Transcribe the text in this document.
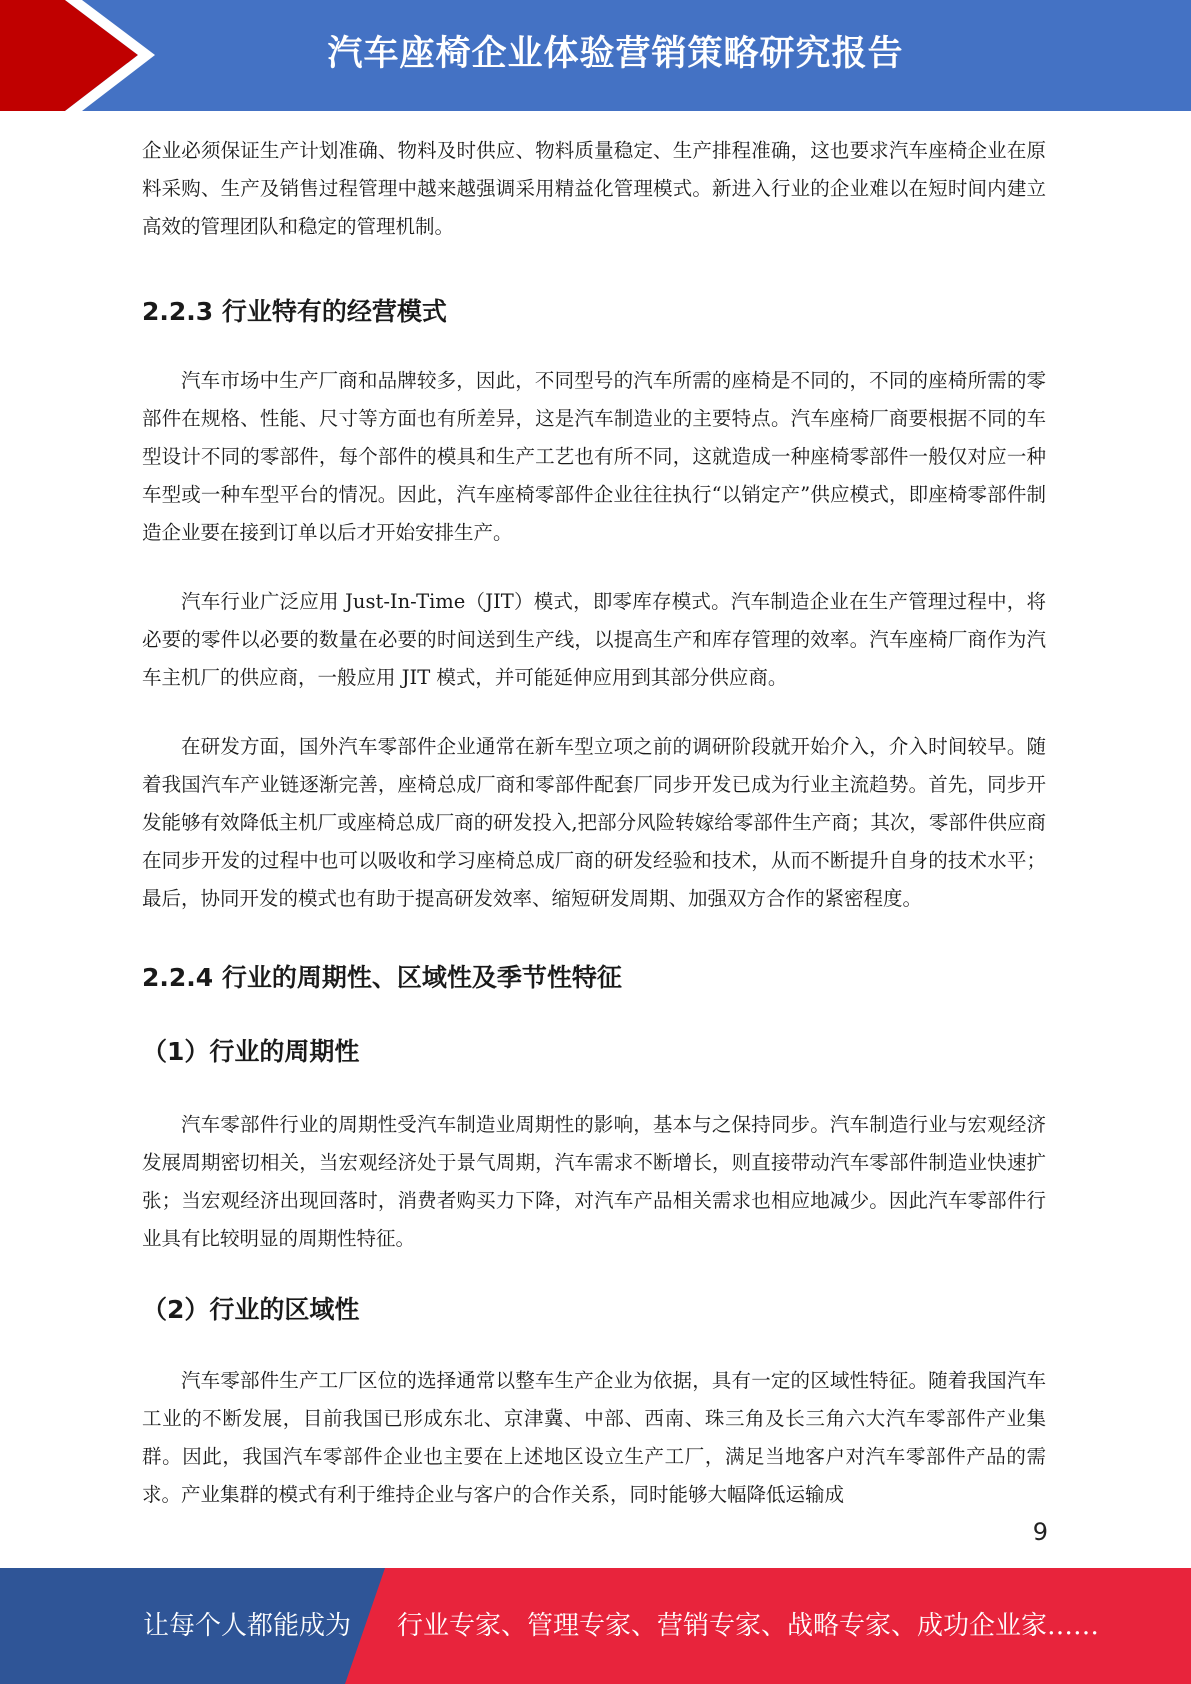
汽车座椅企业体验营销策略研究报告

企业必须保证生产计划准确、物料及时供应、物料质量稳定、生产排程准确，这也要求汽车座椅企业在原料采购、生产及销售过程管理中越来越强调采用精益化管理模式。新进入行业的企业难以在短时间内建立高效的管理团队和稳定的管理机制。

2.2.3 行业特有的经营模式

汽车市场中生产厂商和品牌较多，因此，不同型号的汽车所需的座椅是不同的，不同的座椅所需的零部件在规格、性能、尺寸等方面也有所差异，这是汽车制造业的主要特点。汽车座椅厂商要根据不同的车型设计不同的零部件，每个部件的模具和生产工艺也有所不同，这就造成一种座椅零部件一般仅对应一种车型或一种车型平台的情况。因此，汽车座椅零部件企业往往执行“以销定产”供应模式，即座椅零部件制造企业要在接到订单以后才开始安排生产。

汽车行业广泛应用 Just-In-Time（JIT）模式，即零库存模式。汽车制造企业在生产管理过程中，将必要的零件以必要的数量在必要的时间送到生产线，以提高生产和库存管理的效率。汽车座椅厂商作为汽车主机厂的供应商，一般应用 JIT 模式，并可能延伸应用到其部分供应商。

在研发方面，国外汽车零部件企业通常在新车型立项之前的调研阶段就开始介入，介入时间较早。随着我国汽车产业链逐渐完善，座椅总成厂商和零部件配套厂同步开发已成为行业主流趋势。首先，同步开发能够有效降低主机厂或座椅总成厂商的研发投入,把部分风险转嫁给零部件生产商；其次，零部件供应商在同步开发的过程中也可以吸收和学习座椅总成厂商的研发经验和技术，从而不断提升自身的技术水平；最后，协同开发的模式也有助于提高研发效率、缩短研发周期、加强双方合作的紧密程度。

2.2.4 行业的周期性、区域性及季节性特征
（1）行业的周期性

汽车零部件行业的周期性受汽车制造业周期性的影响，基本与之保持同步。汽车制造行业与宏观经济发展周期密切相关，当宏观经济处于景气周期，汽车需求不断增长，则直接带动汽车零部件制造业快速扩张；当宏观经济出现回落时，消费者购买力下降，对汽车产品相关需求也相应地减少。因此汽车零部件行业具有比较明显的周期性特征。

（2）行业的区域性

汽车零部件生产工厂区位的选择通常以整车生产企业为依据，具有一定的区域性特征。随着我国汽车工业的不断发展，目前我国已形成东北、京津冀、中部、西南、珠三角及长三角六大汽车零部件产业集群。因此，我国汽车零部件企业也主要在上述地区设立生产工厂，满足当地客户对汽车零部件产品的需求。产业集群的模式有利于维持企业与客户的合作关系，同时能够大幅降低运输成

9
让每个人都能成为 行业专家、管理专家、营销专家、战略专家、成功企业家……
